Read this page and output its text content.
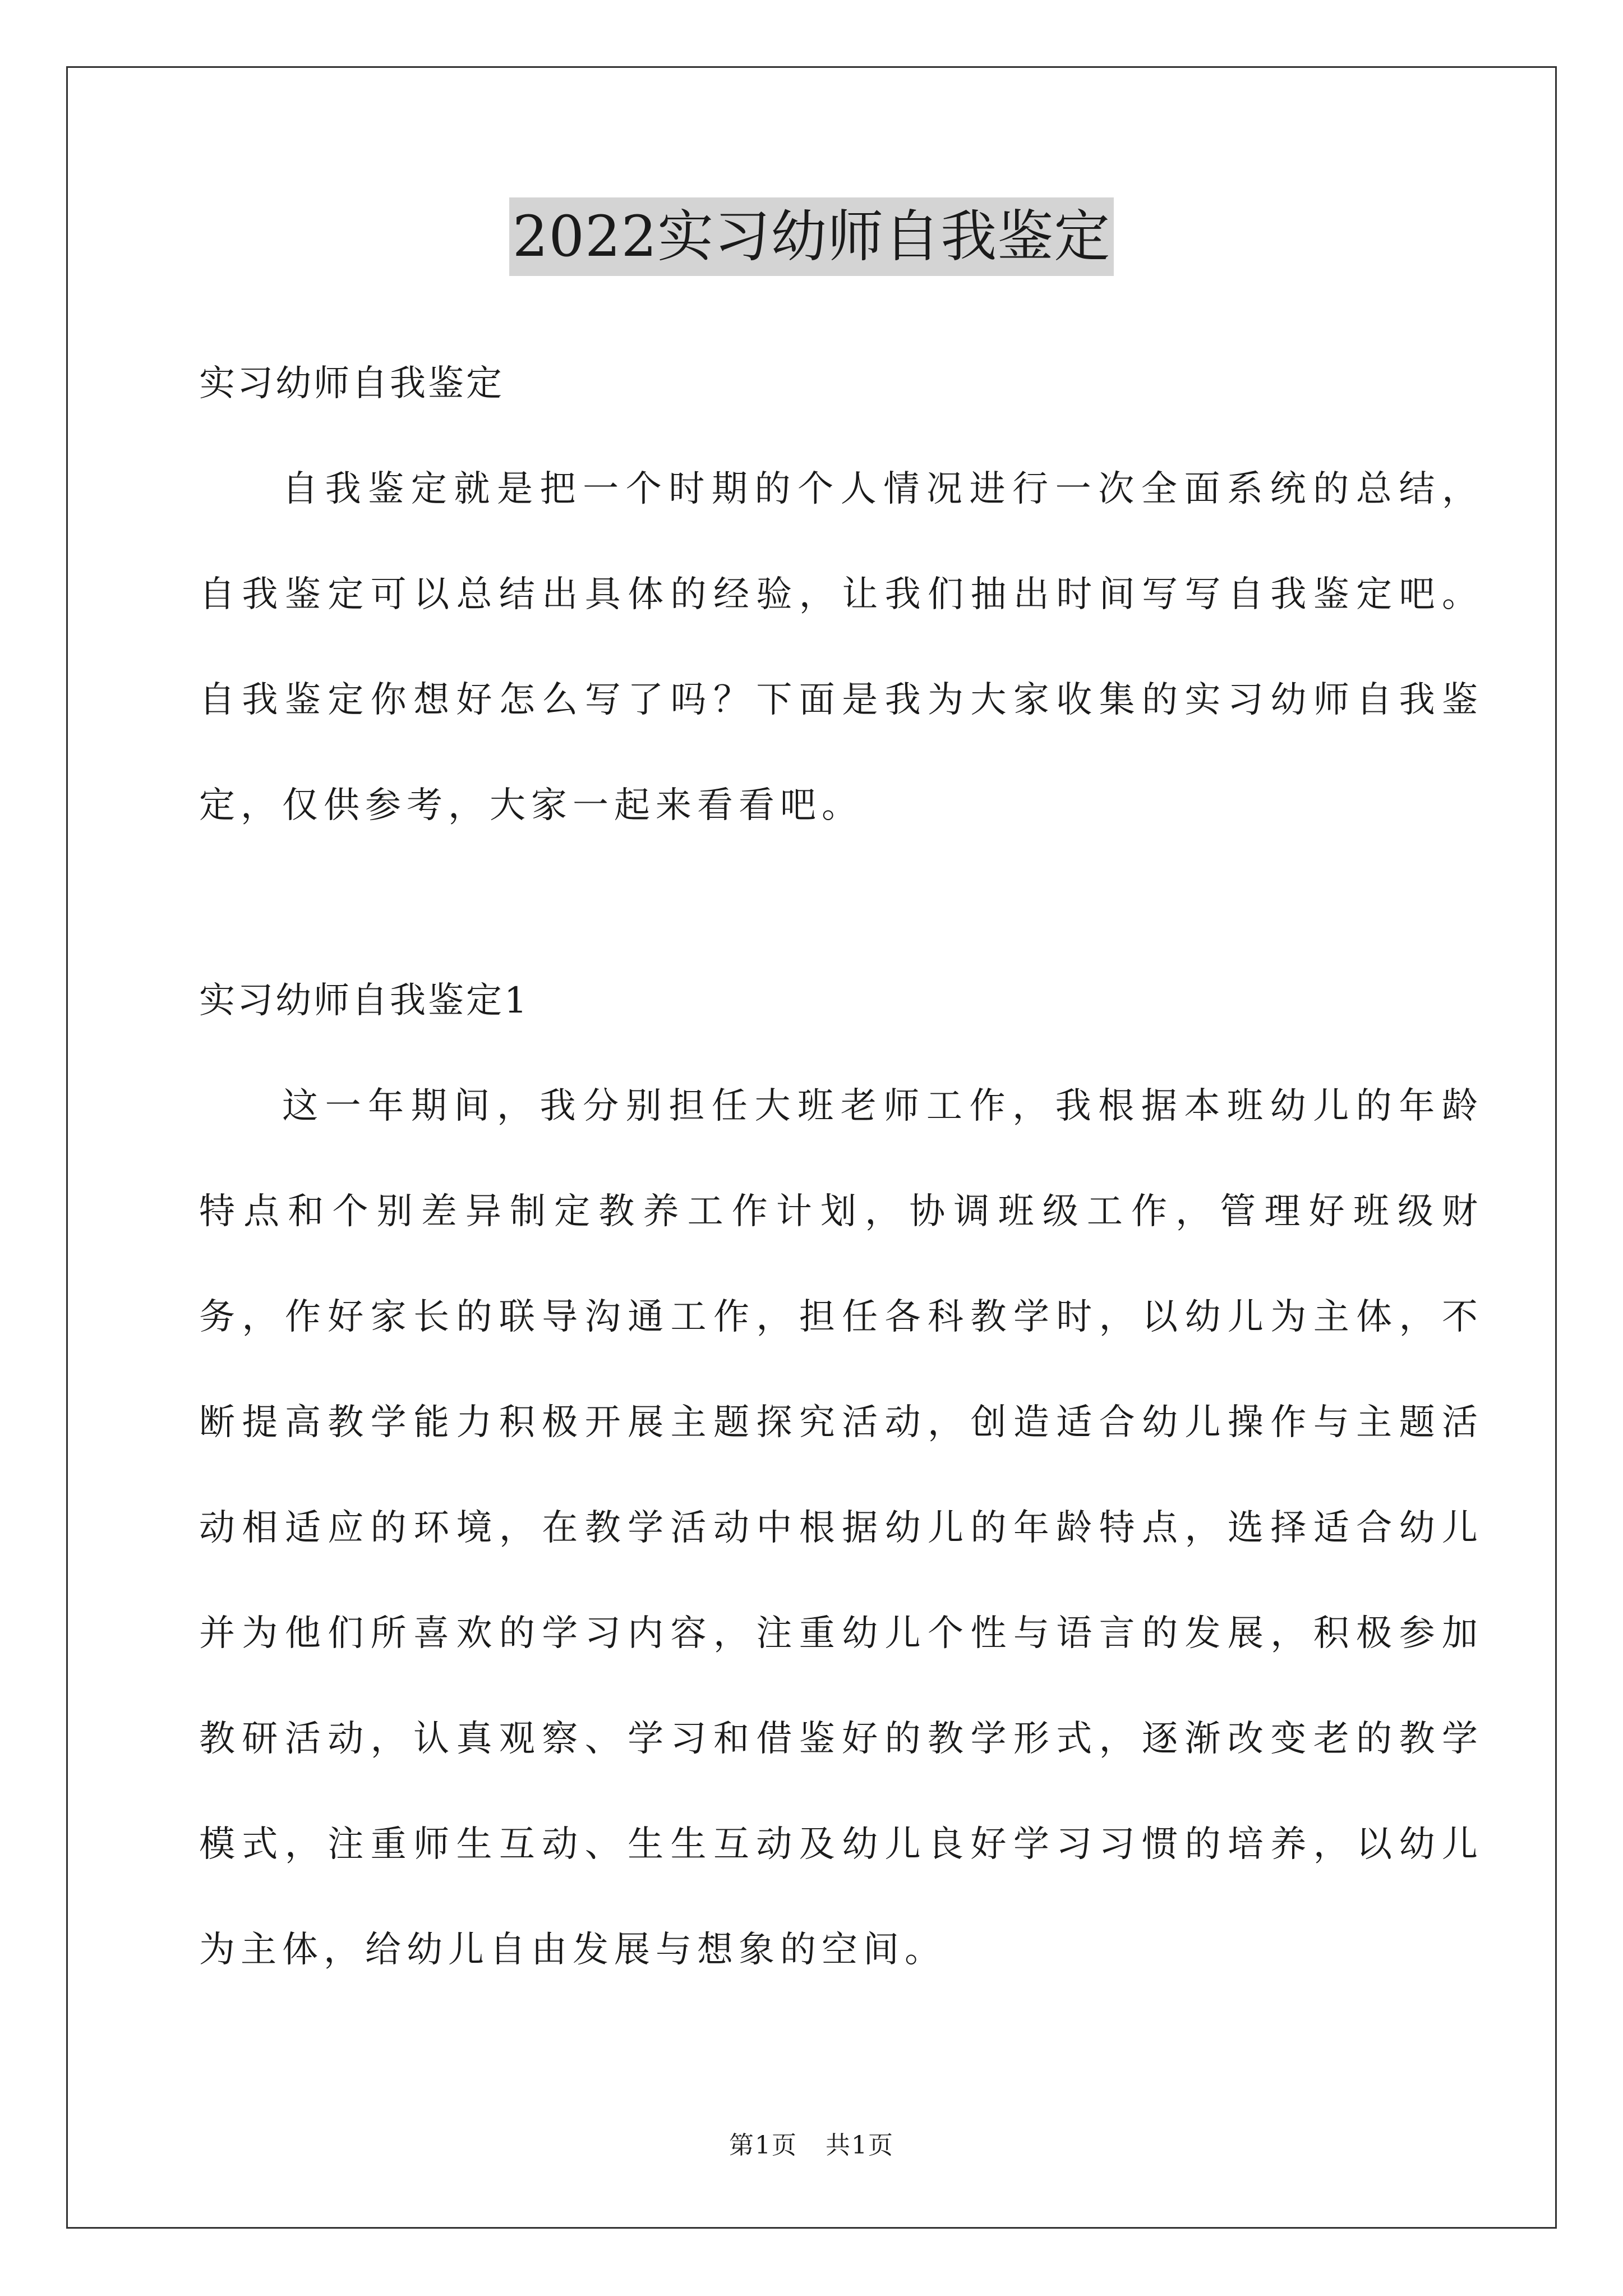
2022实习幼师自我鉴定

实习幼师自我鉴定

自我鉴定就是把一个时期的个人情况进行一次全面系统的总结，自我鉴定可以总结出具体的经验，让我们抽出时间写写自我鉴定吧。自我鉴定你想好怎么写了吗？下面是我为大家收集的实习幼师自我鉴定，仅供参考，大家一起来看看吧。

实习幼师自我鉴定1

这一年期间，我分别担任大班老师工作，我根据本班幼儿的年龄特点和个别差异制定教养工作计划，协调班级工作，管理好班级财务，作好家长的联导沟通工作，担任各科教学时，以幼儿为主体，不断提高教学能力积极开展主题探究活动，创造适合幼儿操作与主题活动相适应的环境，在教学活动中根据幼儿的年龄特点，选择适合幼儿并为他们所喜欢的学习内容，注重幼儿个性与语言的发展，积极参加教研活动，认真观察、学习和借鉴好的教学形式，逐渐改变老的教学模式，注重师生互动、生生互动及幼儿良好学习习惯的培养，以幼儿为主体，给幼儿自由发展与想象的空间。

第1页 共1页
